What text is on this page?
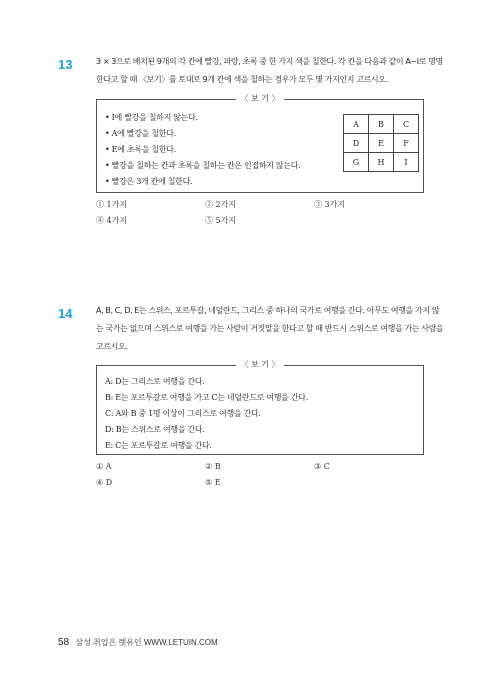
13	3 × 3으로 배치된 9개의 각 칸에 빨강, 파랑, 초록 중 한 가지 색을 칠한다. 각 칸을 다음과 같이 A~I로 명명한다고 할 때 〈보기〉를 토대로 9개 칸에 색을 칠하는 경우가 모두 몇 가지인지 고르시오.
〈 보 기 〉
• I에 빨강을 칠하지 않는다.
• A에 빨강을 칠한다.
• E에 초록을 칠한다.
• 빨강을 칠하는 칸과 초록을 칠하는 칸은 인접하지 않는다.
• 빨강은 3개 칸에 칠한다.
A	B	C
D	E	F
G	H	I
① 1가지	② 2가지	③ 3가지
④ 4가지	⑤ 5가지
14	A, B, C, D, E는 스위스, 포르투갈, 네덜란드, 그리스 중 하나의 국가로 여행을 간다. 아무도 여행을 가지 않는 국가는 없으며 스위스로 여행을 가는 사람이 거짓말을 한다고 할 때 반드시 스위스로 여행을 가는 사람을 고르시오.
〈 보 기 〉
A: D는 그리스로 여행을 간다.
B: E는 포르투갈로 여행을 가고 C는 네덜란드로 여행을 간다.
C: A와 B 중 1명 이상이 그리스로 여행을 간다.
D: B는 스위스로 여행을 간다.
E: C는 포르투갈로 여행을 간다.
① A	② B	③ C
④ D	⑤ E
58 삼성 취업은 렛유인 WWW.LETUIN.COM
